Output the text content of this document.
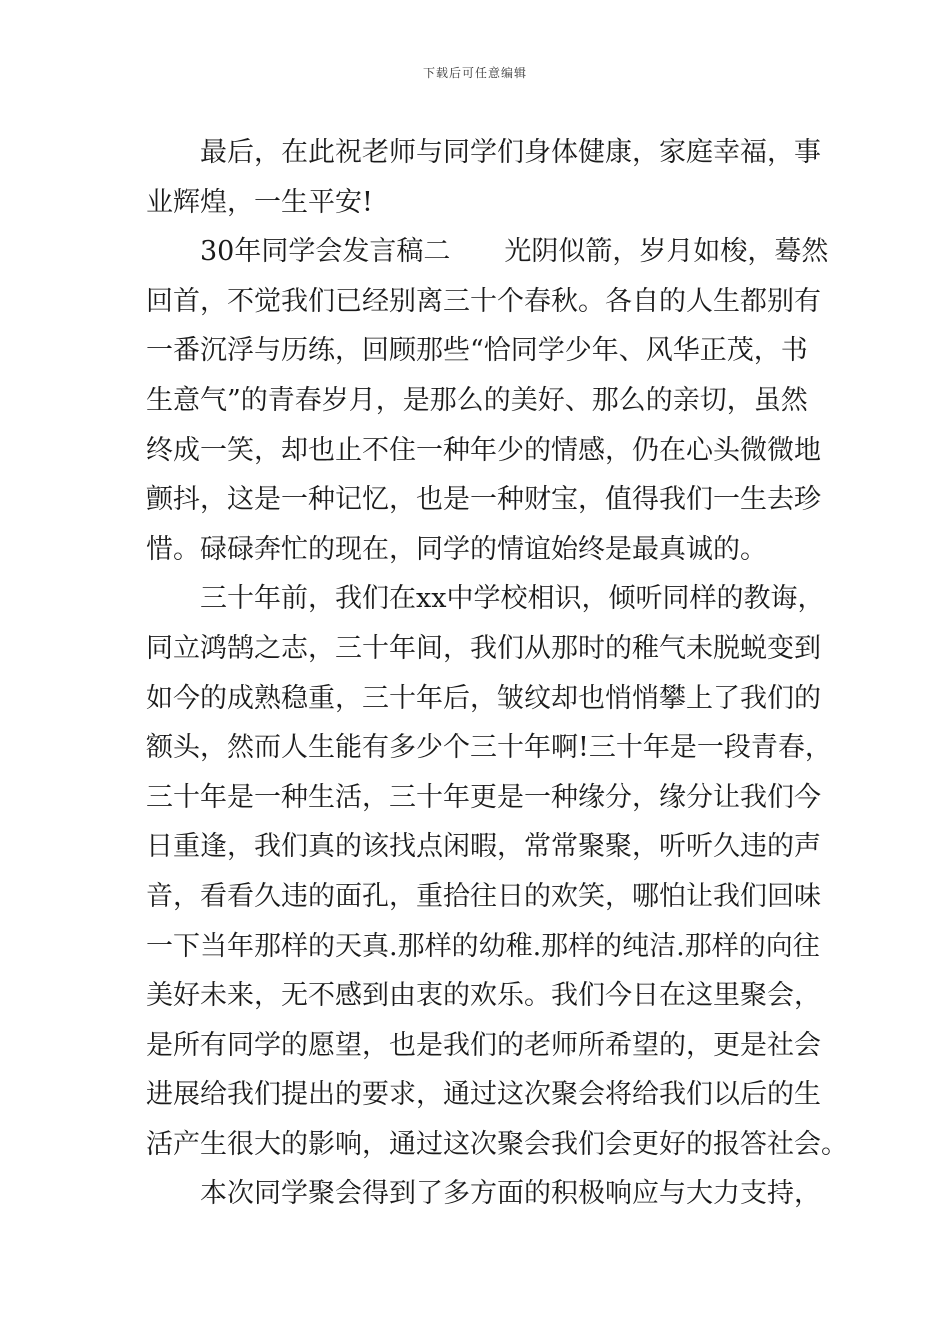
下载后可任意编辑

最后，在此祝老师与同学们身体健康，家庭幸福，事
业辉煌，一生平安!

30年同学会发言稿二　　光阴似箭，岁月如梭，蓦然
回首，不觉我们已经别离三十个春秋。各自的人生都别有
一番沉浮与历练，回顾那些“恰同学少年、风华正茂，书
生意气”的青春岁月，是那么的美好、那么的亲切，虽然
终成一笑，却也止不住一种年少的情感，仍在心头微微地
颤抖，这是一种记忆，也是一种财宝，值得我们一生去珍
惜。碌碌奔忙的现在，同学的情谊始终是最真诚的。

三十年前，我们在xx中学校相识，倾听同样的教诲，
同立鸿鹄之志，三十年间，我们从那时的稚气未脱蜕变到
如今的成熟稳重，三十年后，皱纹却也悄悄攀上了我们的
额头，然而人生能有多少个三十年啊!三十年是一段青春，
三十年是一种生活，三十年更是一种缘分，缘分让我们今
日重逢，我们真的该找点闲暇，常常聚聚，听听久违的声
音，看看久违的面孔，重拾往日的欢笑，哪怕让我们回味
一下当年那样的天真.那样的幼稚.那样的纯洁.那样的向往
美好未来，无不感到由衷的欢乐。我们今日在这里聚会，
是所有同学的愿望，也是我们的老师所希望的，更是社会
进展给我们提出的要求，通过这次聚会将给我们以后的生
活产生很大的影响，通过这次聚会我们会更好的报答社会。

本次同学聚会得到了多方面的积极响应与大力支持，
